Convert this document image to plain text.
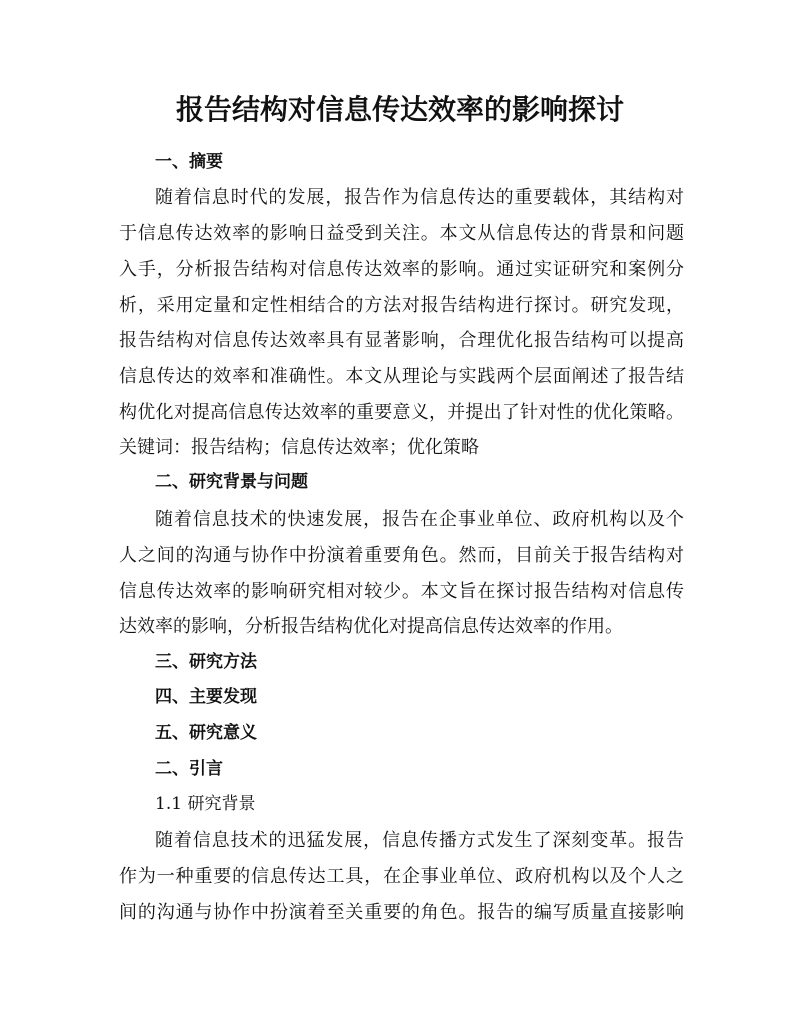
报告结构对信息传达效率的影响探讨
一、摘要

随着信息时代的发展，报告作为信息传达的重要载体，其结构对

于信息传达效率的影响日益受到关注。本文从信息传达的背景和问题

入手，分析报告结构对信息传达效率的影响。通过实证研究和案例分

析，采用定量和定性相结合的方法对报告结构进行探讨。研究发现，

报告结构对信息传达效率具有显著影响，合理优化报告结构可以提高

信息传达的效率和准确性。本文从理论与实践两个层面阐述了报告结

构优化对提高信息传达效率的重要意义，并提出了针对性的优化策略。

关键词：报告结构；信息传达效率；优化策略

二、研究背景与问题

随着信息技术的快速发展，报告在企事业单位、政府机构以及个

人之间的沟通与协作中扮演着重要角色。然而，目前关于报告结构对

信息传达效率的影响研究相对较少。本文旨在探讨报告结构对信息传

达效率的影响，分析报告结构优化对提高信息传达效率的作用。

三、研究方法
四、主要发现
五、研究意义
二、引言

1.1 研究背景

随着信息技术的迅猛发展，信息传播方式发生了深刻变革。报告

作为一种重要的信息传达工具，在企事业单位、政府机构以及个人之

间的沟通与协作中扮演着至关重要的角色。报告的编写质量直接影响
